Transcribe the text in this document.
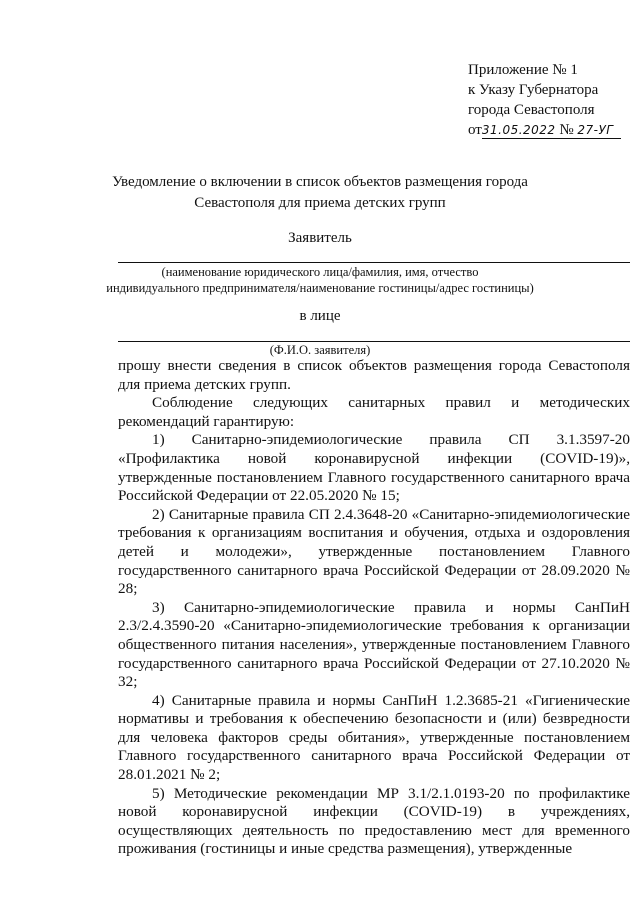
Приложение № 1
к Указу Губернатора
города Севастополя
от31.05.2022 № 27-УГ
Уведомление о включении в список объектов размещения города
Севастополя для приема детских групп
Заявитель
(наименование юридического лица/фамилия, имя, отчество
индивидуального предпринимателя/наименование гостиницы/адрес гостиницы)
в лице
(Ф.И.О. заявителя)

прошу внести сведения в список объектов размещения города Севастополя для приема детских групп.

Соблюдение следующих санитарных правил и методических рекомендаций гарантирую:

1) Санитарно-эпидемиологические правила СП 3.1.3597-20 «Профилактика новой коронавирусной инфекции (COVID-19)», утвержденные постановлением Главного государственного санитарного врача Российской Федерации от 22.05.2020 № 15;

2) Санитарные правила СП 2.4.3648-20 «Санитарно-эпидемиологические требования к организациям воспитания и обучения, отдыха и оздоровления детей и молодежи», утвержденные постановлением Главного государственного санитарного врача Российской Федерации от 28.09.2020 № 28;

3) Санитарно-эпидемиологические правила и нормы СанПиН 2.3/2.4.3590-20 «Санитарно-эпидемиологические требования к организации общественного питания населения», утвержденные постановлением Главного государственного санитарного врача Российской Федерации от 27.10.2020 № 32;

4) Санитарные правила и нормы СанПиН 1.2.3685-21 «Гигиенические нормативы и требования к обеспечению безопасности и (или) безвредности для человека факторов среды обитания», утвержденные постановлением Главного государственного санитарного врача Российской Федерации от 28.01.2021 № 2;

5) Методические рекомендации МР 3.1/2.1.0193-20 по профилактике новой коронавирусной инфекции (COVID-19) в учреждениях, осуществляющих деятельность по предоставлению мест для временного проживания (гостиницы и иные средства размещения), утвержденные
